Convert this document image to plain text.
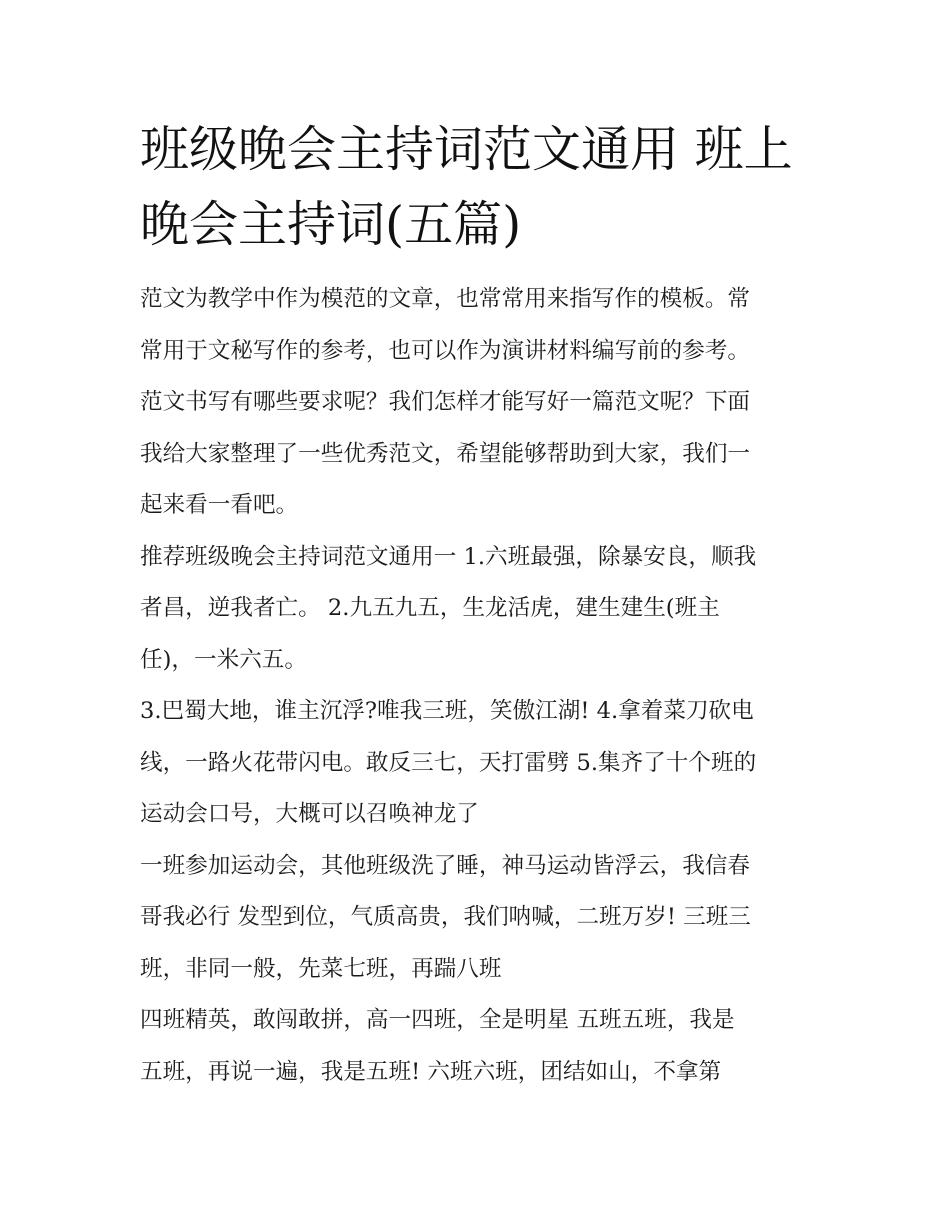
班级晚会主持词范文通用 班上
晚会主持词(五篇)

范文为教学中作为模范的文章，也常常用来指写作的模板。常
常用于文秘写作的参考，也可以作为演讲材料编写前的参考。
范文书写有哪些要求呢？我们怎样才能写好一篇范文呢？下面
我给大家整理了一些优秀范文，希望能够帮助到大家，我们一
起来看一看吧。

推荐班级晚会主持词范文通用一 1.六班最强，除暴安良，顺我
者昌，逆我者亡。 2.九五九五，生龙活虎，建生建生(班主
任)，一米六五。

3.巴蜀大地，谁主沉浮?唯我三班，笑傲江湖! 4.拿着菜刀砍电
线，一路火花带闪电。敢反三七，天打雷劈 5.集齐了十个班的
运动会口号，大概可以召唤神龙了

一班参加运动会，其他班级洗了睡，神马运动皆浮云，我信春
哥我必行 发型到位，气质高贵，我们呐喊，二班万岁! 三班三
班，非同一般，先菜七班，再踹八班

四班精英，敢闯敢拼，高一四班，全是明星 五班五班，我是
五班，再说一遍，我是五班! 六班六班，团结如山，不拿第
